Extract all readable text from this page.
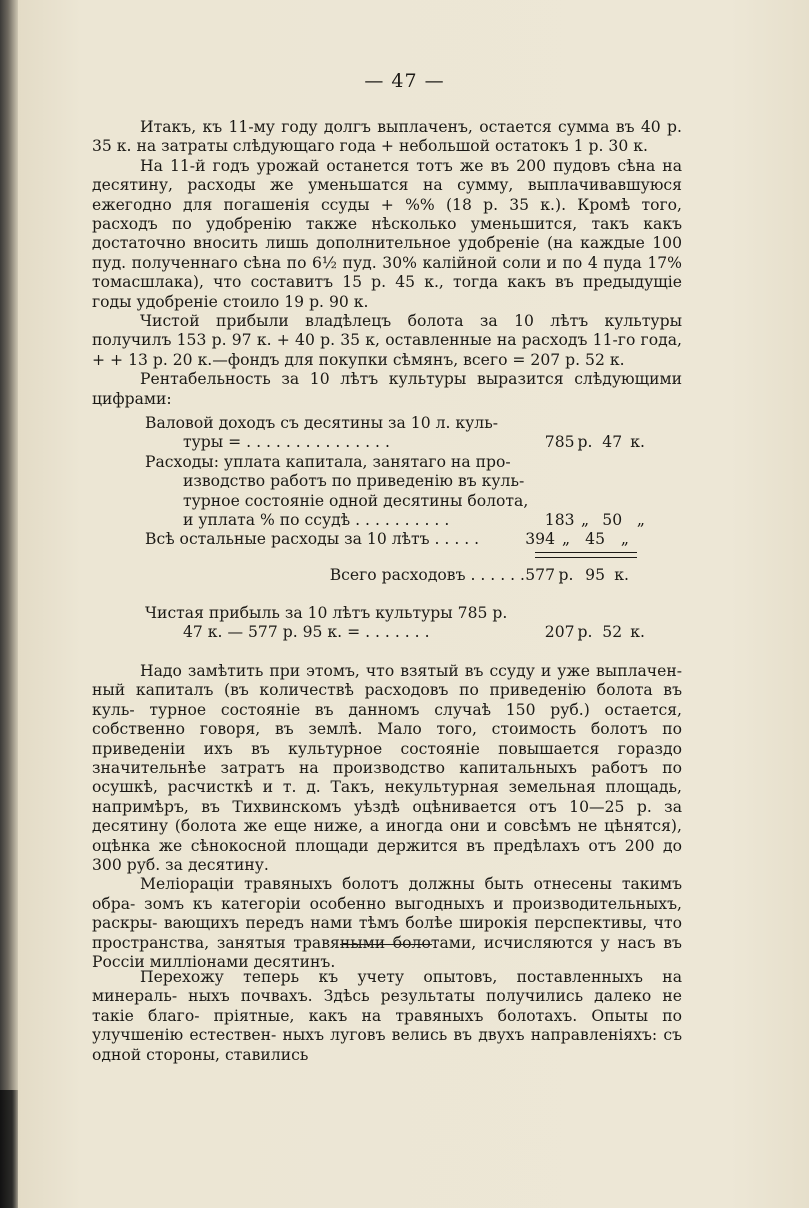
— 47 —

Итакъ, къ 11-му году долгъ выплаченъ, остается сумма въ 40 р. 35 к. на затраты слѣдующаго года + небольшой остатокъ 1 р. 30 к.

На 11-й годъ урожай останется тотъ же въ 200 пудовъ сѣна на десятину, расходы же уменьшатся на сумму, выплачивавшуюся ежегодно для погашенія ссуды + %% (18 р. 35 к.). Кромѣ того, расходъ по удобренію также нѣсколько уменьшится, такъ какъ достаточно вносить лишь дополнительное удобреніе (на каждые 100 пуд. полученнаго сѣна по 6½ пуд. 30% калійной соли и по 4 пуда 17% томасшлака), что составитъ 15 р. 45 к., тогда какъ въ предыдущіе годы удобреніе стоило 19 р. 90 к.

Чистой прибыли владѣлецъ болота за 10 лѣтъ культуры получилъ 153 р. 97 к. + 40 р. 35 к, оставленные на расходъ 11-го года, + + 13 р. 20 к.—фондъ для покупки сѣмянъ, всего = 207 р. 52 к.

Рентабельность за 10 лѣтъ культуры выразится слѣдующими цифрами:

Валовой доходъ съ десятины за 10 л. куль-
туры = . . . . . . . . . . . . . . .	785 р. 47 к.
Расходы: уплата капитала, занятаго на про-
изводство работъ по приведенію въ куль-
турное состояніе одной десятины болота,
и уплата % по ссудѣ . . . . . . . . . .	183 „ 50 „
Всѣ остальные расходы за 10 лѣтъ . . . . .	394 „ 45	„
Всего расходовъ . . . . . . 577 р. 95 к.
Чистая прибыль за 10 лѣтъ культуры 785 р.
47 к. — 577 р. 95 к. = . . . . . . .	207 р. 52 к.

Надо замѣтить при этомъ, что взятый въ ссуду и уже выплачен- ный капиталъ (въ количествѣ расходовъ по приведенію болота въ куль- турное состояніе въ данномъ случаѣ 150 руб.) остается, собственно говоря, въ землѣ. Мало того, стоимость болотъ по приведеніи ихъ въ культурное состояніе повышается гораздо значительнѣе затратъ на производство капитальныхъ работъ по осушкѣ, расчисткѣ и т. д. Такъ, некультурная земельная площадь, напримѣръ, въ Тихвинскомъ уѣздѣ оцѣнивается отъ 10—25 р. за десятину (болота же еще ниже, а иногда они и совсѣмъ не цѣнятся), оцѣнка же сѣнокосной площади держится въ предѣлахъ отъ 200 до 300 руб. за десятину.

Меліораціи травяныхъ болотъ должны быть отнесены такимъ обра- зомъ къ категоріи особенно выгодныхъ и производительныхъ, раскры- вающихъ передъ нами тѣмъ болѣе широкія перспективы, что пространства, занятыя травяными болотами, исчисляются у насъ въ Россіи милліонами десятинъ.

Перехожу теперь къ учету опытовъ, поставленныхъ на минераль- ныхъ почвахъ. Здѣсь результаты получились далеко не такіе благо- пріятные, какъ на травяныхъ болотахъ. Опыты по улучшенію естествен- ныхъ луговъ велись въ двухъ направленіяхъ: съ одной стороны, ставились
